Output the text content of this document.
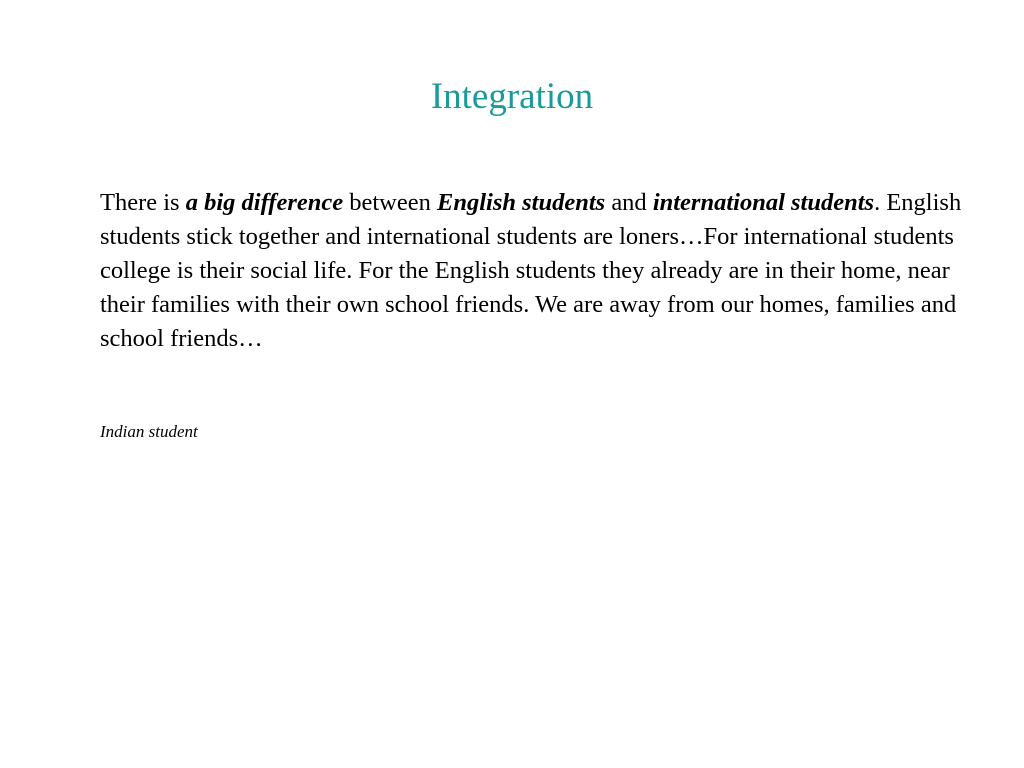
Integration

There is a big difference between English students and international students. English students stick together and international students are loners…For international students college is their social life. For the English students they already are in their home, near their families with their own school friends. We are away from our homes, families and school friends…

Indian student
